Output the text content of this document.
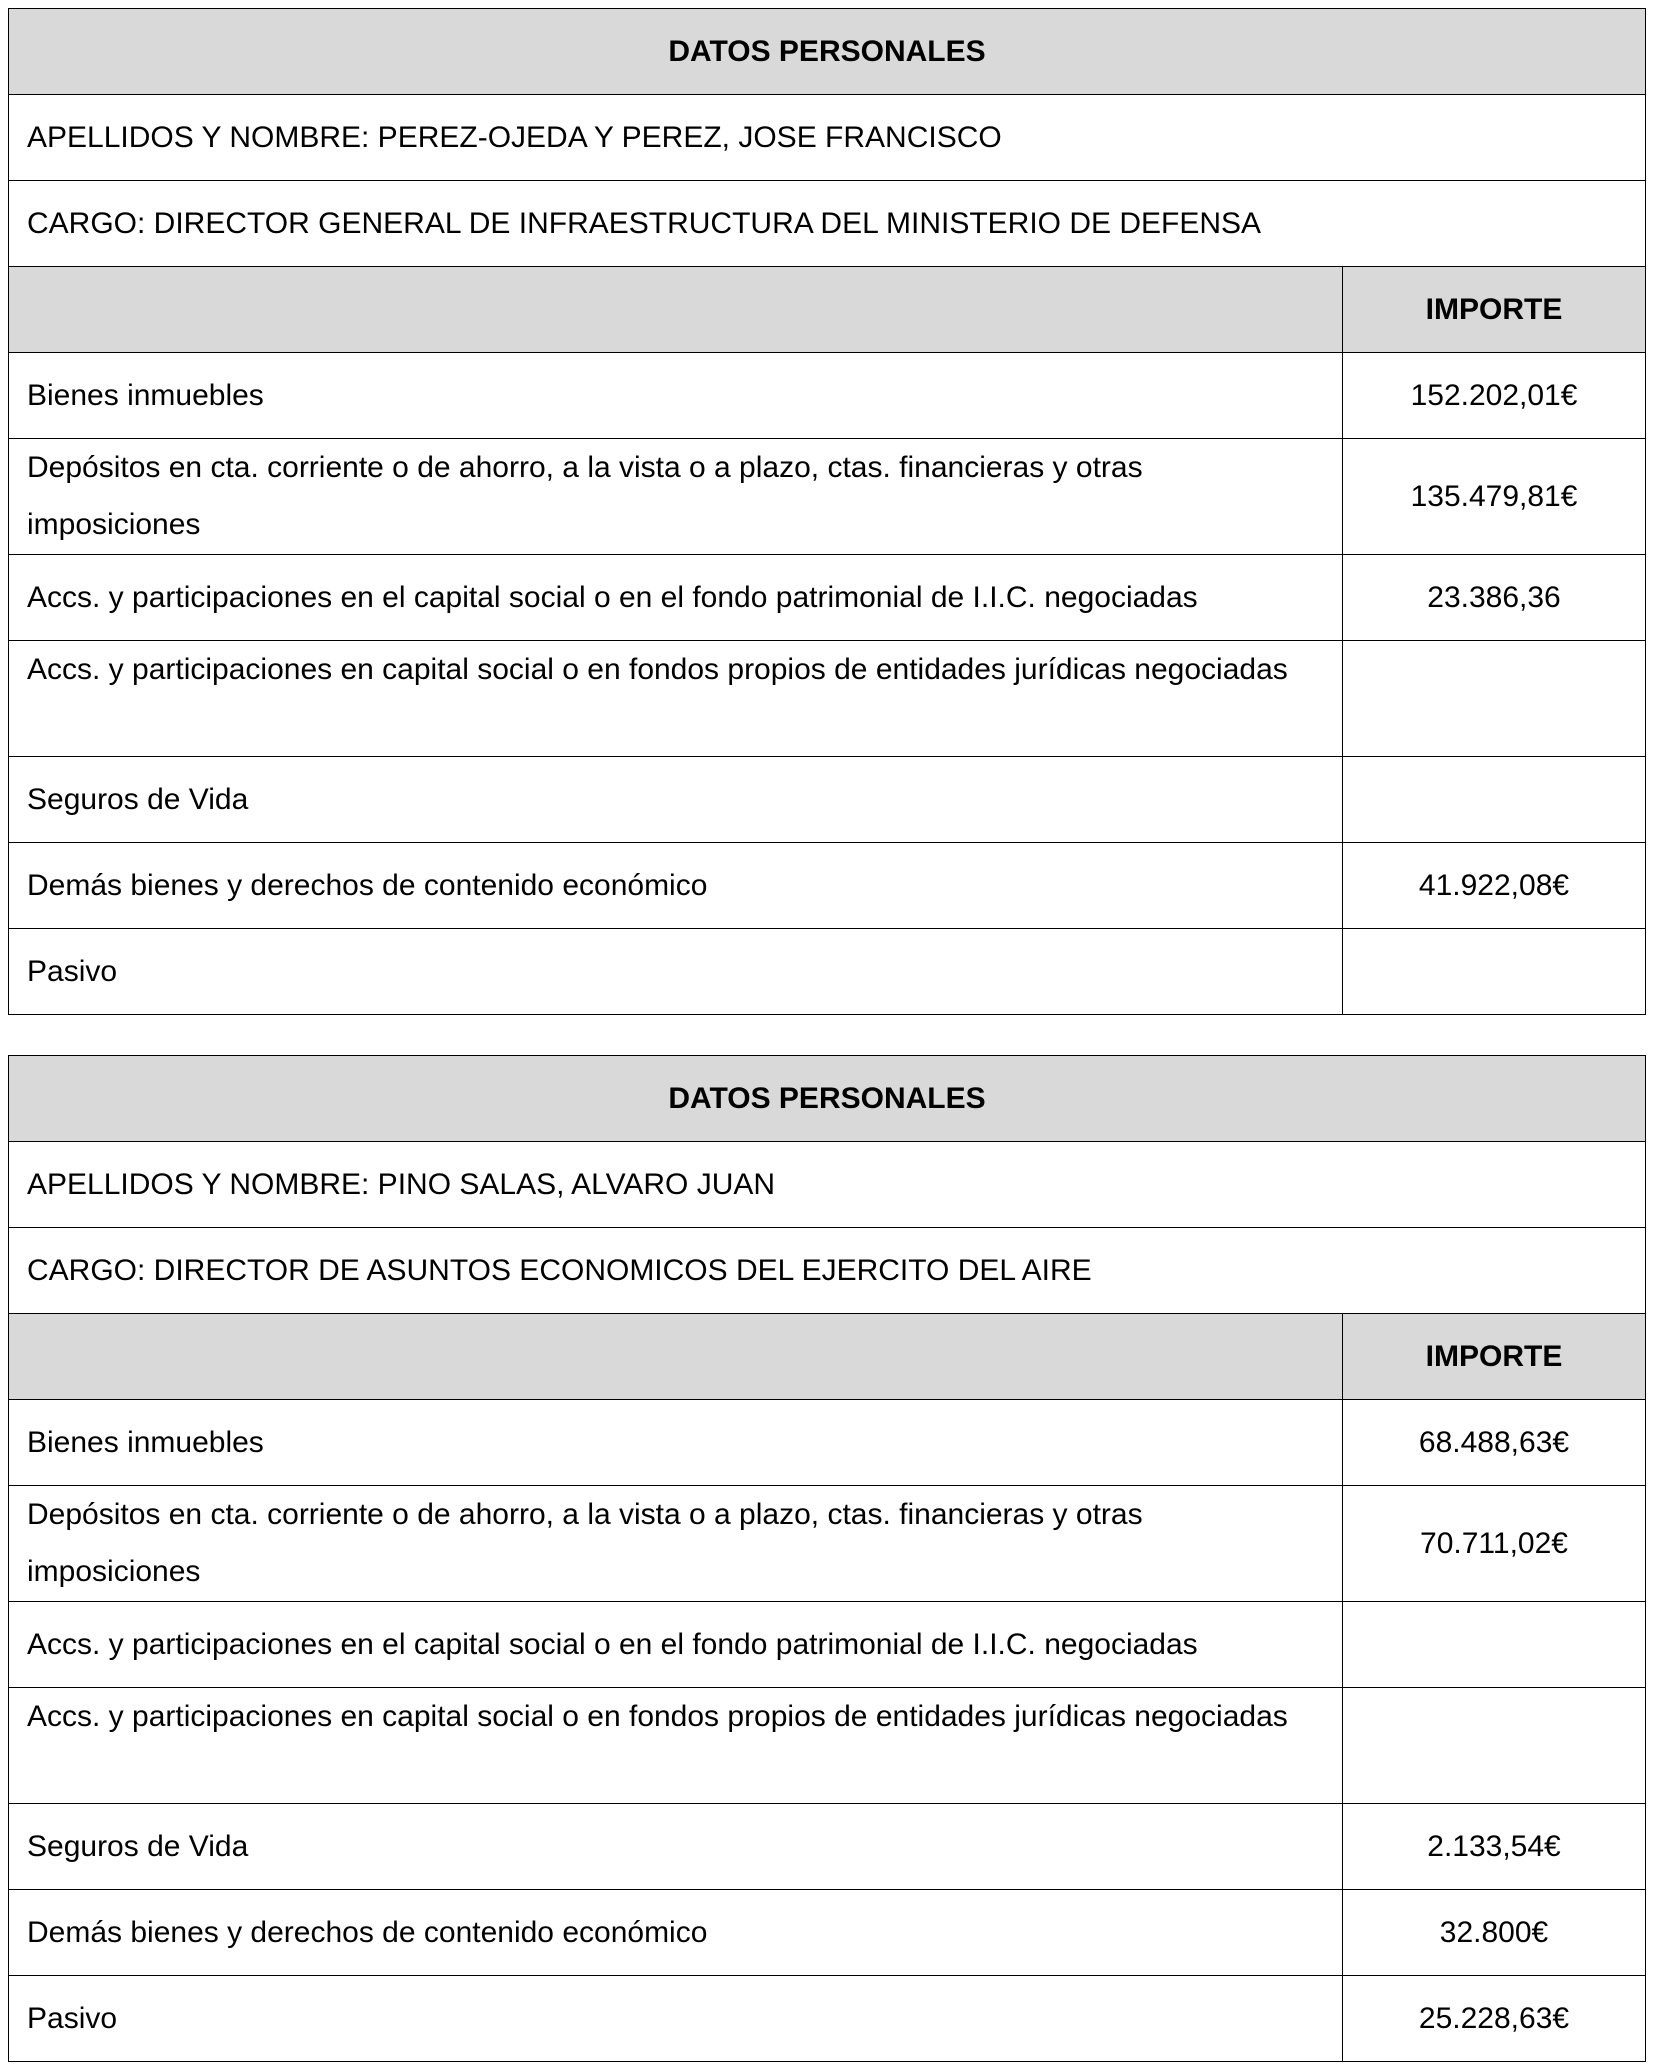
DATOS PERSONALES	
APELLIDOS Y NOMBRE: PEREZ-OJEDA Y PEREZ, JOSE FRANCISCO	
CARGO: DIRECTOR GENERAL DE INFRAESTRUCTURA DEL MINISTERIO DE DEFENSA	
	IMPORTE
Bienes inmuebles	152.202,01€
Depósitos en cta. corriente o de ahorro, a la vista o a plazo, ctas. financieras y otras imposiciones	135.479,81€
Accs. y participaciones en el capital social o en el fondo patrimonial de I.I.C. negociadas	23.386,36
Accs. y participaciones en capital social o en fondos propios de entidades jurídicas negociadas	
Seguros de Vida	
Demás bienes y derechos de contenido económico	41.922,08€
Pasivo	
DATOS PERSONALES	
APELLIDOS Y NOMBRE: PINO SALAS, ALVARO JUAN	
CARGO: DIRECTOR DE ASUNTOS ECONOMICOS DEL EJERCITO DEL AIRE	
	IMPORTE
Bienes inmuebles	68.488,63€
Depósitos en cta. corriente o de ahorro, a la vista o a plazo, ctas. financieras y otras imposiciones	70.711,02€
Accs. y participaciones en el capital social o en el fondo patrimonial de I.I.C. negociadas	
Accs. y participaciones en capital social o en fondos propios de entidades jurídicas negociadas	
Seguros de Vida	2.133,54€
Demás bienes y derechos de contenido económico	32.800€
Pasivo	25.228,63€
